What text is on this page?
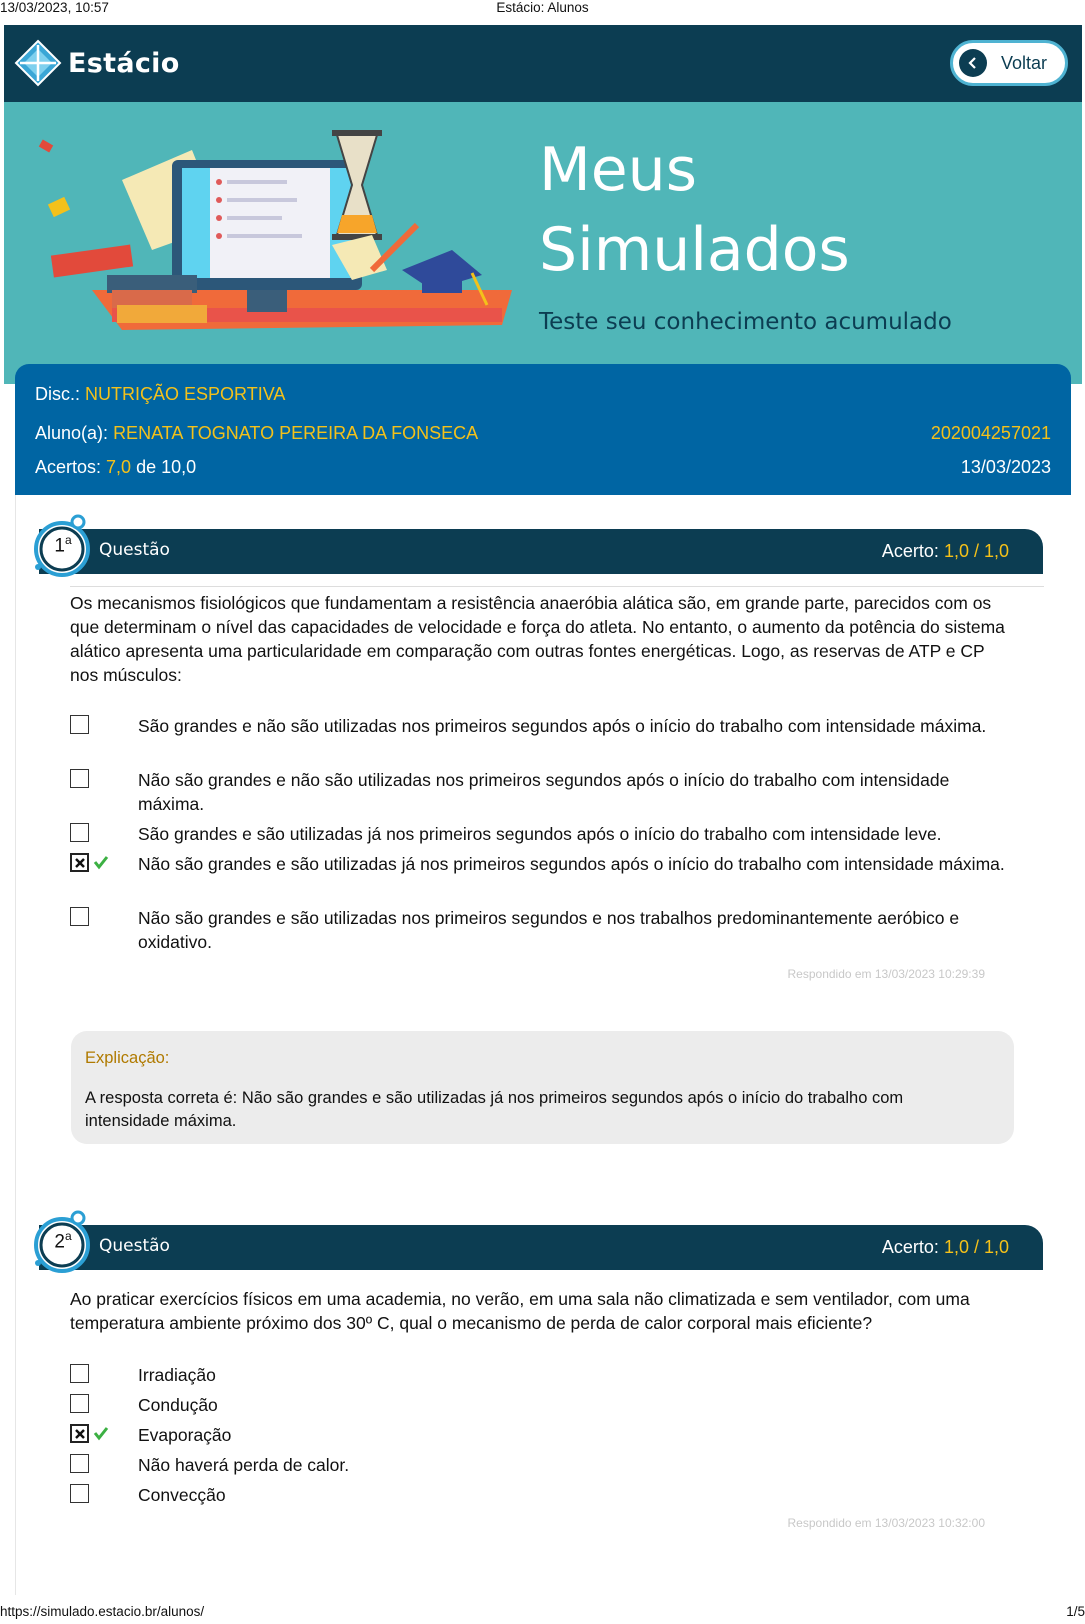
13/03/2023, 10:57	Estácio: Alunos
Estácio	Voltar
Meus
Simulados
Teste seu conhecimento acumulado
Disc.: NUTRIÇÃO ESPORTIVA
Aluno(a): RENATA TOGNATO PEREIRA DA FONSECA	202004257021
Acertos: 7,0 de 10,0	13/03/2023
Questão	Acerto: 1,0 / 1,0
1$^a$
Os mecanismos fisiológicos que fundamentam a resistência anaeróbia alática são, em grande parte, parecidos com os que determinam o nível das capacidades de velocidade e força do atleta. No entanto, o aumento da potência do sistema alático apresenta uma particularidade em comparação com outras fontes energéticas. Logo, as reservas de ATP e CP nos músculos:
São grandes e não são utilizadas nos primeiros segundos após o início do trabalho com intensidade máxima.
Não são grandes e não são utilizadas nos primeiros segundos após o início do trabalho com intensidade máxima.
São grandes e são utilizadas já nos primeiros segundos após o início do trabalho com intensidade leve.
Não são grandes e são utilizadas já nos primeiros segundos após o início do trabalho com intensidade máxima.
Não são grandes e são utilizadas nos primeiros segundos e nos trabalhos predominantemente aeróbico e oxidativo.
Respondido em 13/03/2023 10:29:39
Explicação:
A resposta correta é: Não são grandes e são utilizadas já nos primeiros segundos após o início do trabalho com intensidade máxima.
Questão	Acerto: 1,0 / 1,0
2$^a$
Ao praticar exercícios físicos em uma academia, no verão, em uma sala não climatizada e sem ventilador, com uma temperatura ambiente próximo dos 30º C, qual o mecanismo de perda de calor corporal mais eficiente?
Irradiação
Condução
Evaporação
Não haverá perda de calor.
Convecção
Respondido em 13/03/2023 10:32:00
https://simulado.estacio.br/alunos/	1/5
